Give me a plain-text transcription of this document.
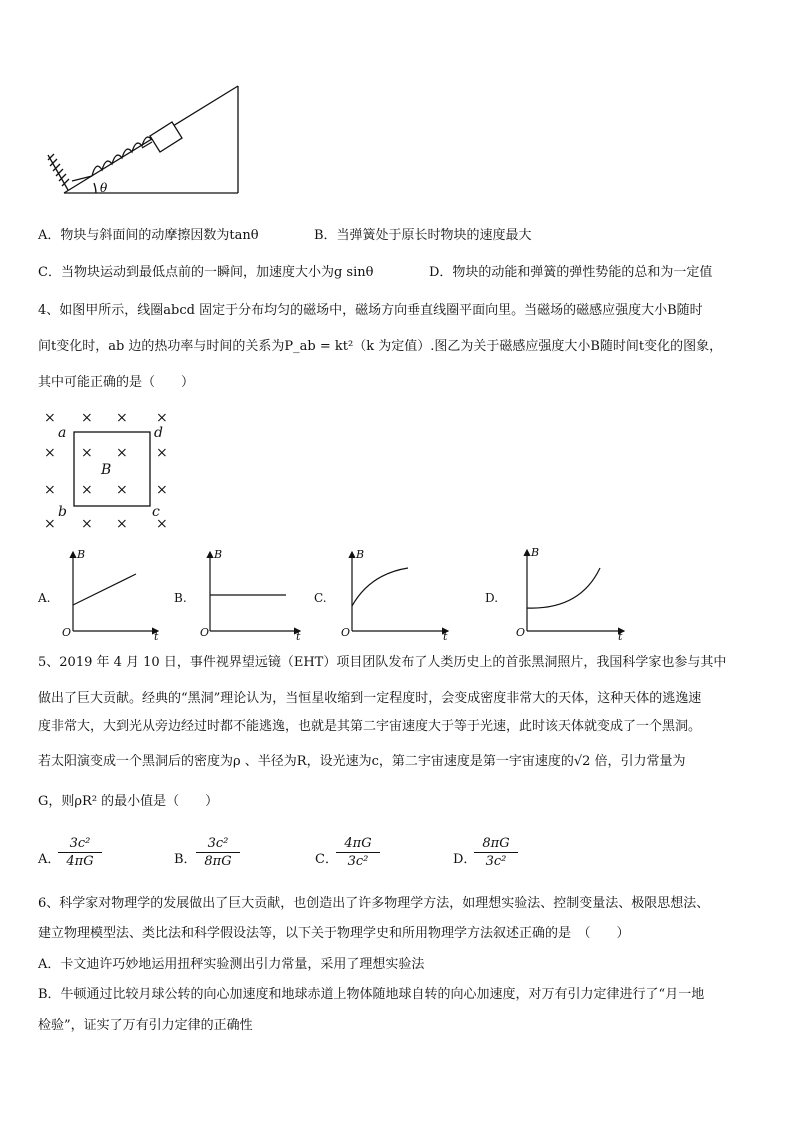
θ
A．物块与斜面间的动摩擦因数为tanθ	B．当弹簧处于原长时物块的速度最大
C．当物块运动到最低点前的一瞬间，加速度大小为g sinθ	D．物块的动能和弹簧的弹性势能的总和为一定值
4、如图甲所示，线圈abcd 固定于分布均匀的磁场中，磁场方向垂直线圈平面向里。当磁场的磁感应强度大小B随时
间t变化时，ab 边的热功率与时间的关系为P_ab = kt²（k 为定值）.图乙为关于磁感应强度大小B随时间t变化的图象，
其中可能正确的是（　　）
× × × ×
×	×
× ×
× × × ×
× × × ×
a	d
b	c
B
A.	B.	C.	D.
B
t
O
B
t
O
B
t
O
B
t
O
5、2019 年 4 月 10 日，事件视界望远镜（EHT）项目团队发布了人类历史上的首张黑洞照片，我国科学家也参与其中
做出了巨大贡献。经典的“黑洞”理论认为，当恒星收缩到一定程度时，会变成密度非常大的天体，这种天体的逃逸速
度非常大，大到光从旁边经过时都不能逃逸，也就是其第二宇宙速度大于等于光速，此时该天体就变成了一个黑洞。
若太阳演变成一个黑洞后的密度为ρ 、半径为R，设光速为c，第二宇宙速度是第一宇宙速度的√2 倍，引力常量为
G，则ρR² 的最小值是（　　）
A．
$\frac{\text{3c²}}{4\pi G}$	B． $\frac{\text{3c²}}{8\pi G}$	C．
$\frac{4\pi G}{\text{3c²}}$	D．
$\frac{8\pi G}{\text{3c²}}$
6、科学家对物理学的发展做出了巨大贡献，也创造出了许多物理学方法，如理想实验法、控制变量法、极限思想法、
建立物理模型法、类比法和科学假设法等，以下关于物理学史和所用物理学方法叙述正确的是　（　　）
A．卡文迪许巧妙地运用扭秤实验测出引力常量，采用了理想实验法
B．牛顿通过比较月球公转的向心加速度和地球赤道上物体随地球自转的向心加速度，对万有引力定律进行了“月一地
检验”，证实了万有引力定律的正确性
